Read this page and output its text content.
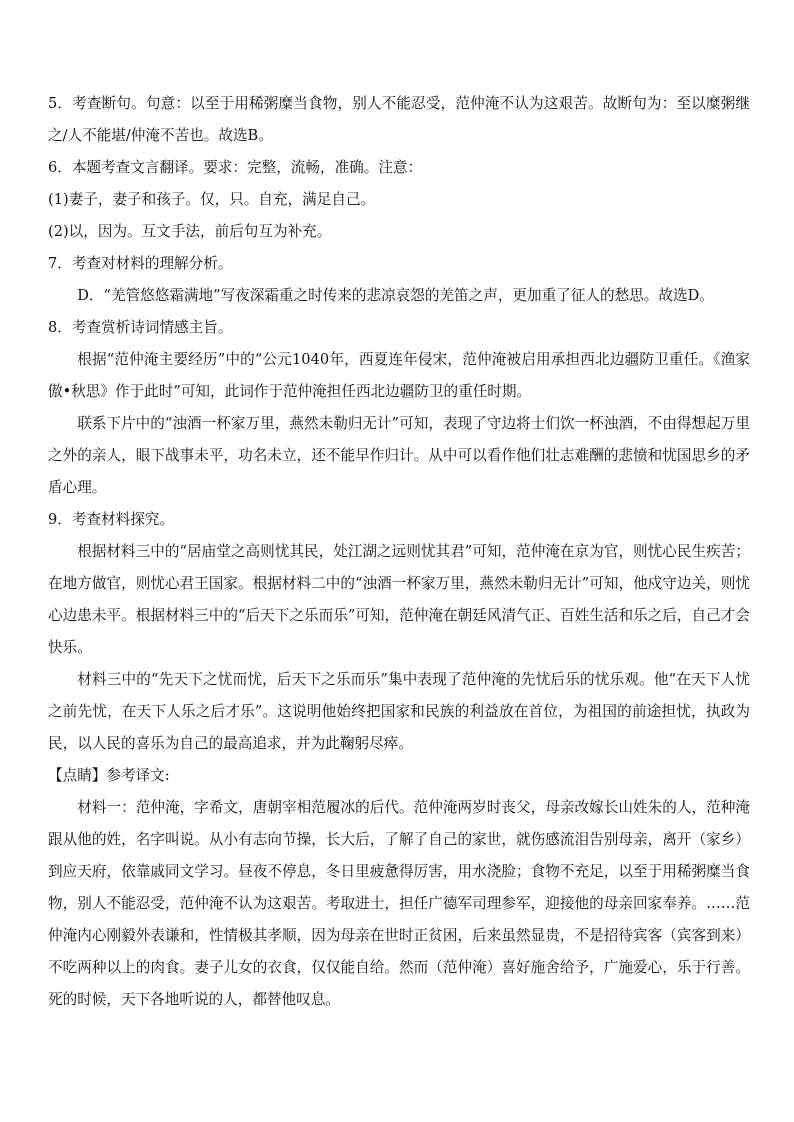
5．考查断句。句意：以至于用稀粥糜当食物，别人不能忍受，范仲淹不认为这艰苦。故断句为：至以糜粥继之/人不能堪/仲淹不苦也。故选B。

6．本题考查文言翻译。要求：完整，流畅，准确。注意：

(1)妻子，妻子和孩子。仅，只。自充，满足自己。

(2)以，因为。互文手法，前后句互为补充。

7．考查对材料的理解分析。

D．“羌管悠悠霜满地”写夜深霜重之时传来的悲凉哀怨的羌笛之声，更加重了征人的愁思。故选D。

8．考查赏析诗词情感主旨。

根据“范仲淹主要经历”中的“公元1040年，西夏连年侵宋，范仲淹被启用承担西北边疆防卫重任。《渔家傲•秋思》作于此时”可知，此词作于范仲淹担任西北边疆防卫的重任时期。

联系下片中的“浊酒一杯家万里，燕然未勒归无计”可知，表现了守边将士们饮一杯浊酒，不由得想起万里之外的亲人，眼下战事未平，功名未立，还不能早作归计。从中可以看作他们壮志难酬的悲愤和忧国思乡的矛盾心理。

9．考查材料探究。

根据材料三中的“居庙堂之高则忧其民，处江湖之远则忧其君”可知，范仲淹在京为官，则忧心民生疾苦；在地方做官，则忧心君王国家。根据材料二中的“浊酒一杯家万里，燕然未勒归无计”可知，他戍守边关，则忧心边患未平。根据材料三中的“后天下之乐而乐”可知，范仲淹在朝廷风清气正、百姓生活和乐之后，自己才会快乐。

材料三中的“先天下之忧而忧，后天下之乐而乐”集中表现了范仲淹的先忧后乐的忧乐观。他“在天下人忧之前先忧，在天下人乐之后才乐”。这说明他始终把国家和民族的利益放在首位，为祖国的前途担忧，执政为民，以人民的喜乐为自己的最高追求，并为此鞠躬尽瘁。

【点睛】参考译文:

材料一：范仲淹，字希文，唐朝宰相范履冰的后代。范仲淹两岁时丧父，母亲改嫁长山姓朱的人，范种淹跟从他的姓，名字叫说。从小有志向节操，长大后，了解了自己的家世，就伤感流泪告别母亲，离开（家乡）到应天府，依靠戚同文学习。昼夜不停息，冬日里疲惫得厉害，用水浇脸；食物不充足，以至于用稀粥糜当食物，别人不能忍受，范仲淹不认为这艰苦。考取进士，担任广德军司理参军，迎接他的母亲回家奉养。……范仲淹内心刚毅外表谦和，性情极其孝顺，因为母亲在世时正贫困，后来虽然显贵，不是招待宾客（宾客到来）不吃两种以上的肉食。妻子儿女的衣食，仅仅能自给。然而（范仲淹）喜好施舍给予，广施爱心，乐于行善。死的时候，天下各地听说的人，都替他叹息。
